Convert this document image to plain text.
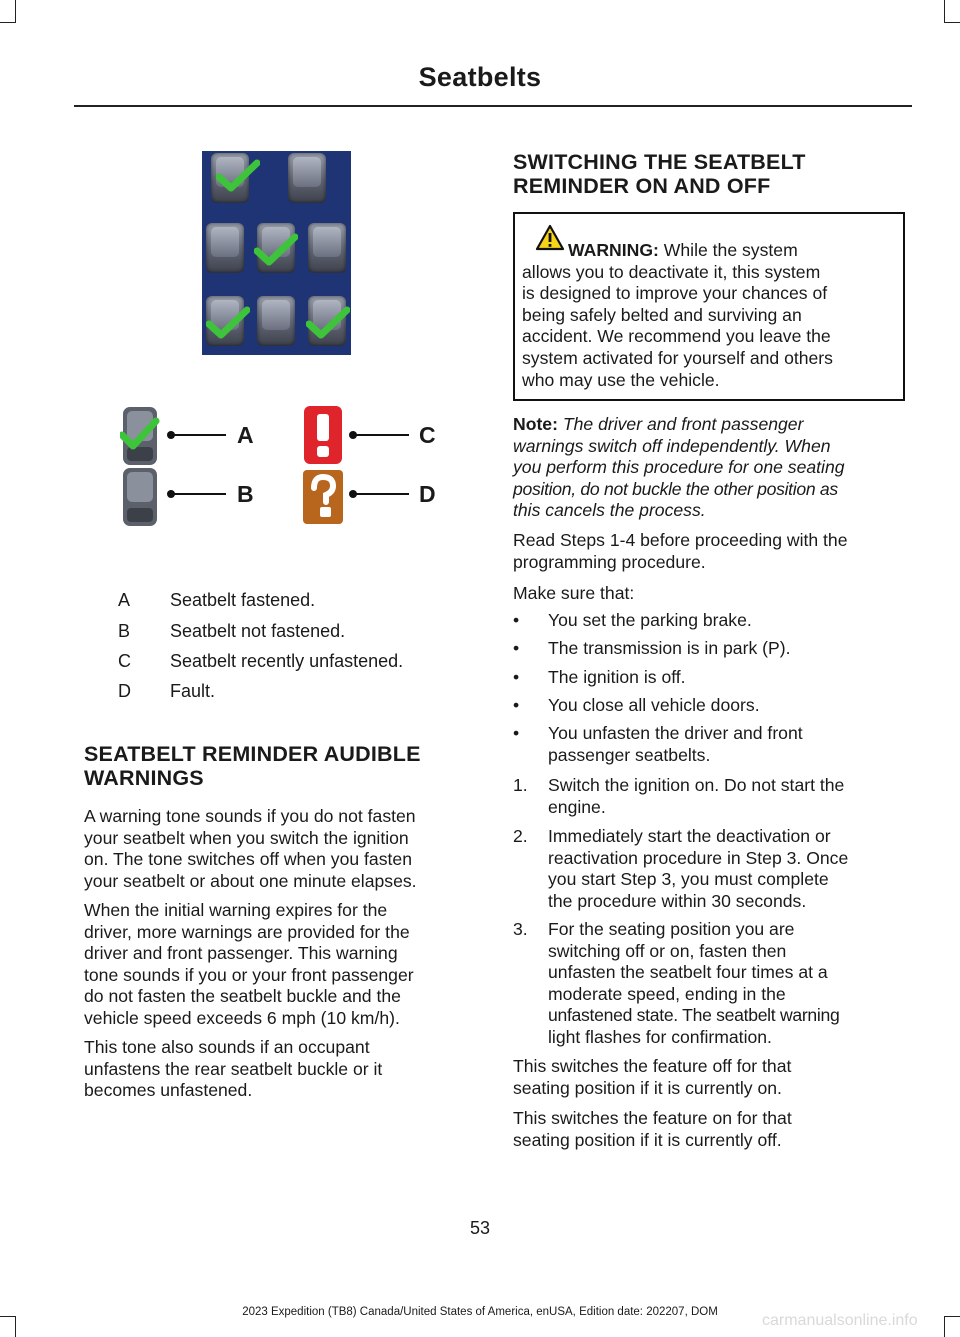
Seatbelts
A
B
C
D
A	Seatbelt fastened.
B	Seatbelt not fastened.
C	Seatbelt recently unfastened.
D	Fault.
SEATBELT REMINDER AUDIBLE
WARNINGS
A warning tone sounds if you do not fasten
your seatbelt when you switch the ignition
on. The tone switches off when you fasten
your seatbelt or about one minute elapses.
When the initial warning expires for the
driver, more warnings are provided for the
driver and front passenger. This warning
tone sounds if you or your front passenger
do not fasten the seatbelt buckle and the
vehicle speed exceeds 6 mph (10 km/h).
This tone also sounds if an occupant
unfastens the rear seatbelt buckle or it
becomes unfastened.
SWITCHING THE SEATBELT
REMINDER ON AND OFF
WARNING: While the system
allows you to deactivate it, this system
is designed to improve your chances of
being safely belted and surviving an
accident. We recommend you leave the
system activated for yourself and others
who may use the vehicle.
Note: The driver and front passenger
warnings switch off independently. When
you perform this procedure for one seating
position, do not buckle the other position as
this cancels the process.
Read Steps 1-4 before proceeding with the
programming procedure.
Make sure that:
• You set the parking brake.
• The transmission is in park (P).
• The ignition is off.
• You close all vehicle doors.
• You unfasten the driver and front
passenger seatbelts.
1. Switch the ignition on. Do not start the
engine.
2. Immediately start the deactivation or
reactivation procedure in Step 3. Once
you start Step 3, you must complete
the procedure within 30 seconds.
3. For the seating position you are
switching off or on, fasten then
unfasten the seatbelt four times at a
moderate speed, ending in the
unfastened state. The seatbelt warning
light flashes for confirmation.
This switches the feature off for that
seating position if it is currently on.
This switches the feature on for that
seating position if it is currently off.
53
2023 Expedition (TB8) Canada/United States of America, enUSA, Edition date: 202207, DOM	carmanualsonline.info
